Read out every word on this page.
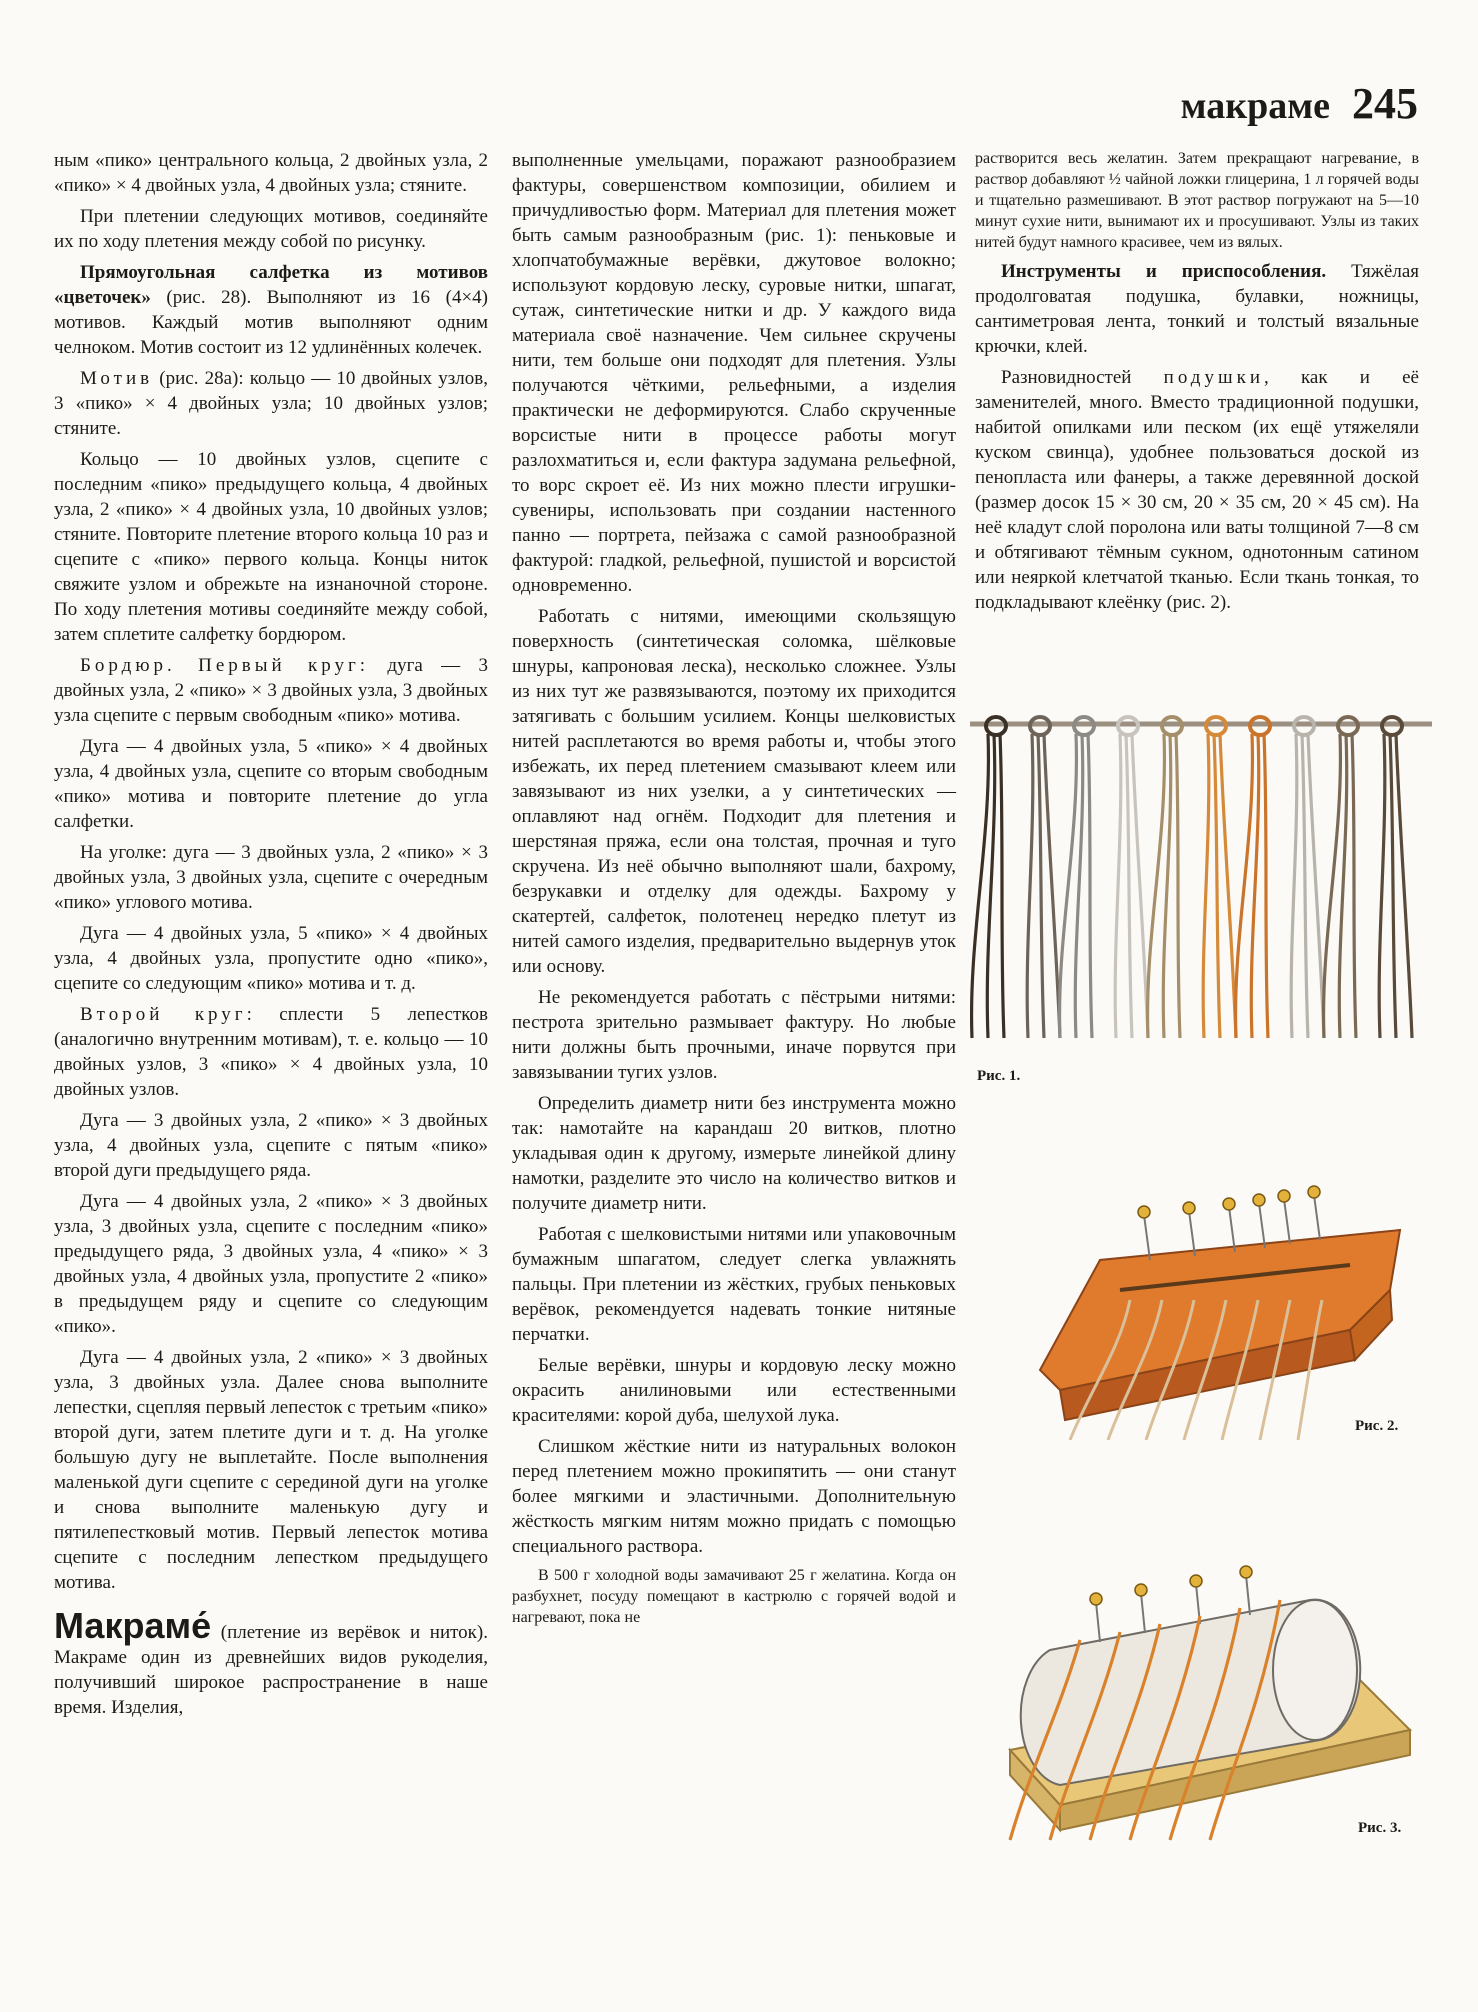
макраме 245

ным «пико» центрального кольца, 2 двойных узла, 2 «пико» × 4 двойных узла, 4 двойных узла; стяните.

При плетении следующих мотивов, соединяйте их по ходу плетения между собой по рисунку.

Прямоугольная салфетка из мотивов «цветочек» (рис. 28). Выполняют из 16 (4×4) мотивов. Каждый мотив выполняют одним челноком. Мотив состоит из 12 удлинённых колечек.

Мотив (рис. 28а): кольцо — 10 двойных узлов, 3 «пико» × 4 двойных узла; 10 двойных узлов; стяните.

Кольцо — 10 двойных узлов, сцепите с последним «пико» предыдущего кольца, 4 двойных узла, 2 «пико» × 4 двойных узла, 10 двойных узлов; стяните. Повторите плетение второго кольца 10 раз и сцепите с «пико» первого кольца. Концы ниток свяжите узлом и обрежьте на изнаночной стороне. По ходу плетения мотивы соединяйте между собой, затем сплетите салфетку бордюром.

Бордюр. Первый круг: дуга — 3 двойных узла, 2 «пико» × 3 двойных узла, 3 двойных узла сцепите с первым свободным «пико» мотива.

Дуга — 4 двойных узла, 5 «пико» × 4 двойных узла, 4 двойных узла, сцепите со вторым свободным «пико» мотива и повторите плетение до угла салфетки.

На уголке: дуга — 3 двойных узла, 2 «пико» × 3 двойных узла, 3 двойных узла, сцепите с очередным «пико» углового мотива.

Дуга — 4 двойных узла, 5 «пико» × 4 двойных узла, 4 двойных узла, пропустите одно «пико», сцепите со следующим «пико» мотива и т. д.

Второй круг: сплести 5 лепестков (аналогично внутренним мотивам), т. е. кольцо — 10 двойных узлов, 3 «пико» × 4 двойных узла, 10 двойных узлов.

Дуга — 3 двойных узла, 2 «пико» × 3 двойных узла, 4 двойных узла, сцепите с пятым «пико» второй дуги предыдущего ряда.

Дуга — 4 двойных узла, 2 «пико» × 3 двойных узла, 3 двойных узла, сцепите с последним «пико» предыдущего ряда, 3 двойных узла, 4 «пико» × 3 двойных узла, 4 двойных узла, пропустите 2 «пико» в предыдущем ряду и сцепите со следующим «пико».

Дуга — 4 двойных узла, 2 «пико» × 3 двойных узла, 3 двойных узла. Далее снова выполните лепестки, сцепляя первый лепесток с третьим «пико» второй дуги, затем плетите дуги и т. д. На уголке большую дугу не выплетайте. После выполнения маленькой дуги сцепите с серединой дуги на уголке и снова выполните маленькую дугу и пятилепестковый мотив. Первый лепесток мотива сцепите с последним лепестком предыдущего мотива.

Макраме́ (плетение из верёвок и ниток). Макраме один из древнейших видов рукоделия, получивший широкое распространение в наше время. Изделия,

выполненные умельцами, поражают разнообразием фактуры, совершенством композиции, обилием и причудливостью форм. Материал для плетения может быть самым разнообразным (рис. 1): пеньковые и хлопчатобумажные верёвки, джутовое волокно; используют кордовую леску, суровые нитки, шпагат, сутаж, синтетические нитки и др. У каждого вида материала своё назначение. Чем сильнее скручены нити, тем больше они подходят для плетения. Узлы получаются чёткими, рельефными, а изделия практически не деформируются. Слабо скрученные ворсистые нити в процессе работы могут разлохматиться и, если фактура задумана рельефной, то ворс скроет её. Из них можно плести игрушки-сувениры, использовать при создании настенного панно — портрета, пейзажа с самой разнообразной фактурой: гладкой, рельефной, пушистой и ворсистой одновременно.

Работать с нитями, имеющими скользящую поверхность (синтетическая соломка, шёлковые шнуры, капроновая леска), несколько сложнее. Узлы из них тут же развязываются, поэтому их приходится затягивать с большим усилием. Концы шелковистых нитей расплетаются во время работы и, чтобы этого избежать, их перед плетением смазывают клеем или завязывают из них узелки, а у синтетических — оплавляют над огнём. Подходит для плетения и шерстяная пряжа, если она толстая, прочная и туго скручена. Из неё обычно выполняют шали, бахрому, безрукавки и отделку для одежды. Бахрому у скатертей, салфеток, полотенец нередко плетут из нитей самого изделия, предварительно выдернув уток или основу.

Не рекомендуется работать с пёстрыми нитями: пестрота зрительно размывает фактуру. Но любые нити должны быть прочными, иначе порвутся при завязывании тугих узлов.

Определить диаметр нити без инструмента можно так: намотайте на карандаш 20 витков, плотно укладывая один к другому, измерьте линейкой длину намотки, разделите это число на количество витков и получите диаметр нити.

Работая с шелковистыми нитями или упаковочным бумажным шпагатом, следует слегка увлажнять пальцы. При плетении из жёстких, грубых пеньковых верёвок, рекомендуется надевать тонкие нитяные перчатки.

Белые верёвки, шнуры и кордовую леску можно окрасить анилиновыми или естественными красителями: корой дуба, шелухой лука.

Слишком жёсткие нити из натуральных волокон перед плетением можно прокипятить — они станут более мягкими и эластичными. Дополнительную жёсткость мягким нитям можно придать с помощью специального раствора.

В 500 г холодной воды замачивают 25 г желатина. Когда он разбухнет, посуду помещают в кастрюлю с горячей водой и нагревают, пока не

растворится весь желатин. Затем прекращают нагревание, в раствор добавляют ½ чайной ложки глицерина, 1 л горячей воды и тщательно размешивают. В этот раствор погружают на 5—10 минут сухие нити, вынимают их и просушивают. Узлы из таких нитей будут намного красивее, чем из вялых.

Инструменты и приспособления. Тяжёлая продолговатая подушка, булавки, ножницы, сантиметровая лента, тонкий и толстый вязальные крючки, клей.

Разновидностей подушки, как и её заменителей, много. Вместо традиционной подушки, набитой опилками или песком (их ещё утяжеляли куском свинца), удобнее пользоваться доской из пенопласта или фанеры, а также деревянной доской (размер досок 15 × 30 см, 20 × 35 см, 20 × 45 см). На неё кладут слой поролона или ваты толщиной 7—8 см и обтягивают тёмным сукном, однотонным сатином или неяркой клетчатой тканью. Если ткань тонкая, то подкладывают клеёнку (рис. 2).

Рис. 1.
Рис. 2.
Рис. 3.
